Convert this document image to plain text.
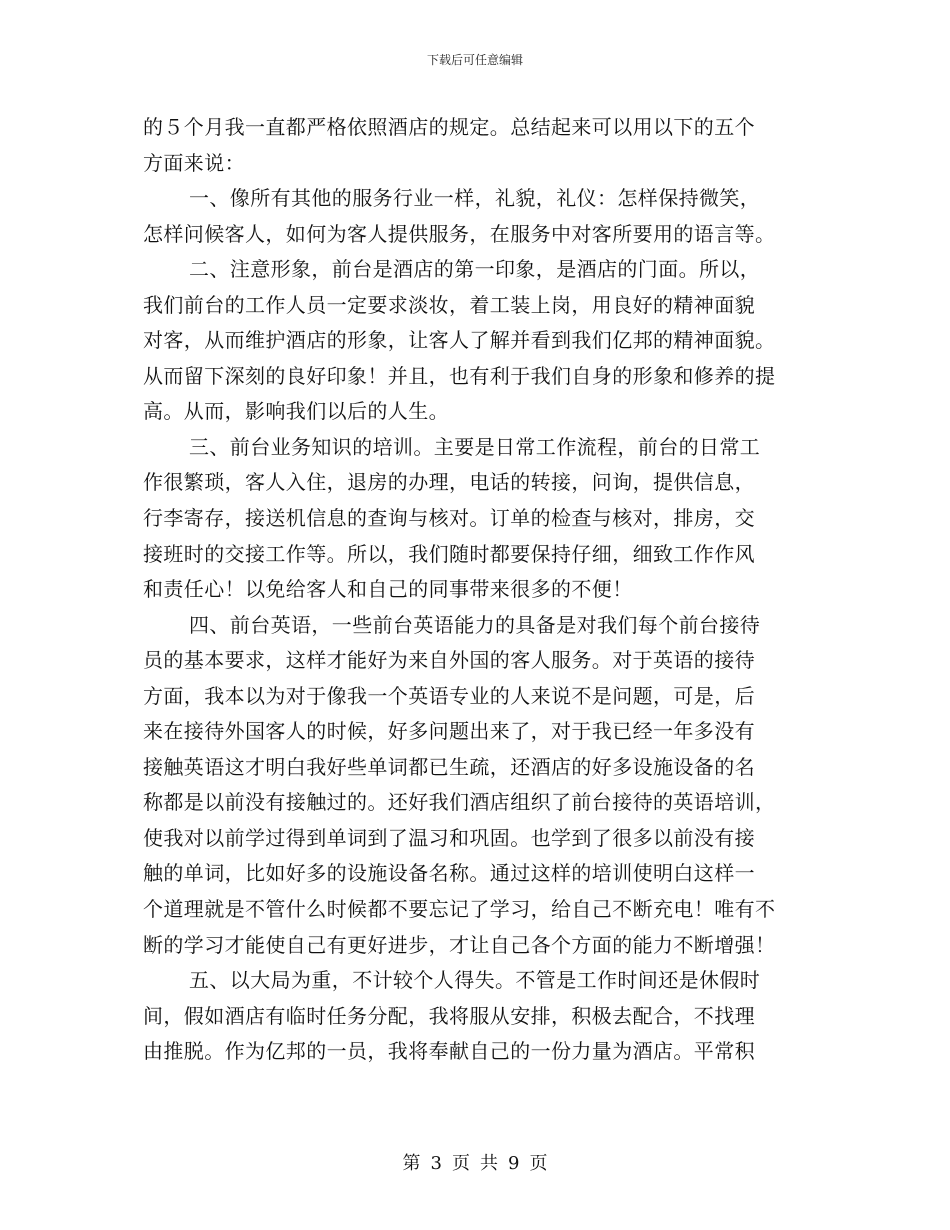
下载后可任意编辑
的５个月我一直都严格依照酒店的规定。总结起来可以用以下的五个
方面来说：
一、像所有其他的服务行业一样，礼貌，礼仪：怎样保持微笑，
怎样问候客人，如何为客人提供服务，在服务中对客所要用的语言等。
二、注意形象，前台是酒店的第一印象，是酒店的门面。所以，
我们前台的工作人员一定要求淡妆，着工装上岗，用良好的精神面貌
对客，从而维护酒店的形象，让客人了解并看到我们亿邦的精神面貌。
从而留下深刻的良好印象！并且，也有利于我们自身的形象和修养的提
高。从而，影响我们以后的人生。
三、前台业务知识的培训。主要是日常工作流程，前台的日常工
作很繁琐，客人入住，退房的办理，电话的转接，问询，提供信息，
行李寄存，接送机信息的查询与核对。订单的检查与核对，排房，交
接班时的交接工作等。所以，我们随时都要保持仔细，细致工作作风
和责任心！以免给客人和自己的同事带来很多的不便！
四、前台英语，一些前台英语能力的具备是对我们每个前台接待
员的基本要求，这样才能好为来自外国的客人服务。对于英语的接待
方面，我本以为对于像我一个英语专业的人来说不是问题，可是，后
来在接待外国客人的时候，好多问题出来了，对于我已经一年多没有
接触英语这才明白我好些单词都已生疏，还酒店的好多设施设备的名
称都是以前没有接触过的。还好我们酒店组织了前台接待的英语培训，
使我对以前学过得到单词到了温习和巩固。也学到了很多以前没有接
触的单词，比如好多的设施设备名称。通过这样的培训使明白这样一
个道理就是不管什么时候都不要忘记了学习，给自己不断充电！唯有不
断的学习才能使自己有更好进步，才让自己各个方面的能力不断增强！
五、以大局为重，不计较个人得失。不管是工作时间还是休假时
间，假如酒店有临时任务分配，我将服从安排，积极去配合，不找理
由推脱。作为亿邦的一员，我将奉献自己的一份力量为酒店。平常积
第 3 页 共 9 页
